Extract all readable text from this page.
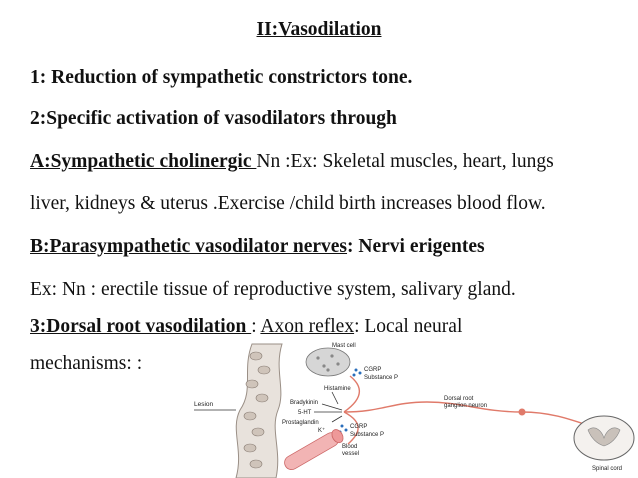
II:Vasodilation
1: Reduction of sympathetic constrictors tone.
2:Specific activation of vasodilators through
A:Sympathetic cholinergic Nn :Ex: Skeletal muscles, heart, lungs
liver, kidneys & uterus .Exercise /child birth increases blood flow.
B:Parasympathetic vasodilator nerves: Nervi erigentes
Ex: Nn : erectile tissue of reproductive system, salivary gland.
3:Dorsal root vasodilation : Axon reflex: Local neural
mechanisms: :
Mast cell
CGRP
Substance P
Histamine
Bradykinin
5-HT
Prostaglandin
K⁺
Lesion
Dorsal root
ganglion neuron
CGRP
Substance P
Blood
vessel
Spinal cord
